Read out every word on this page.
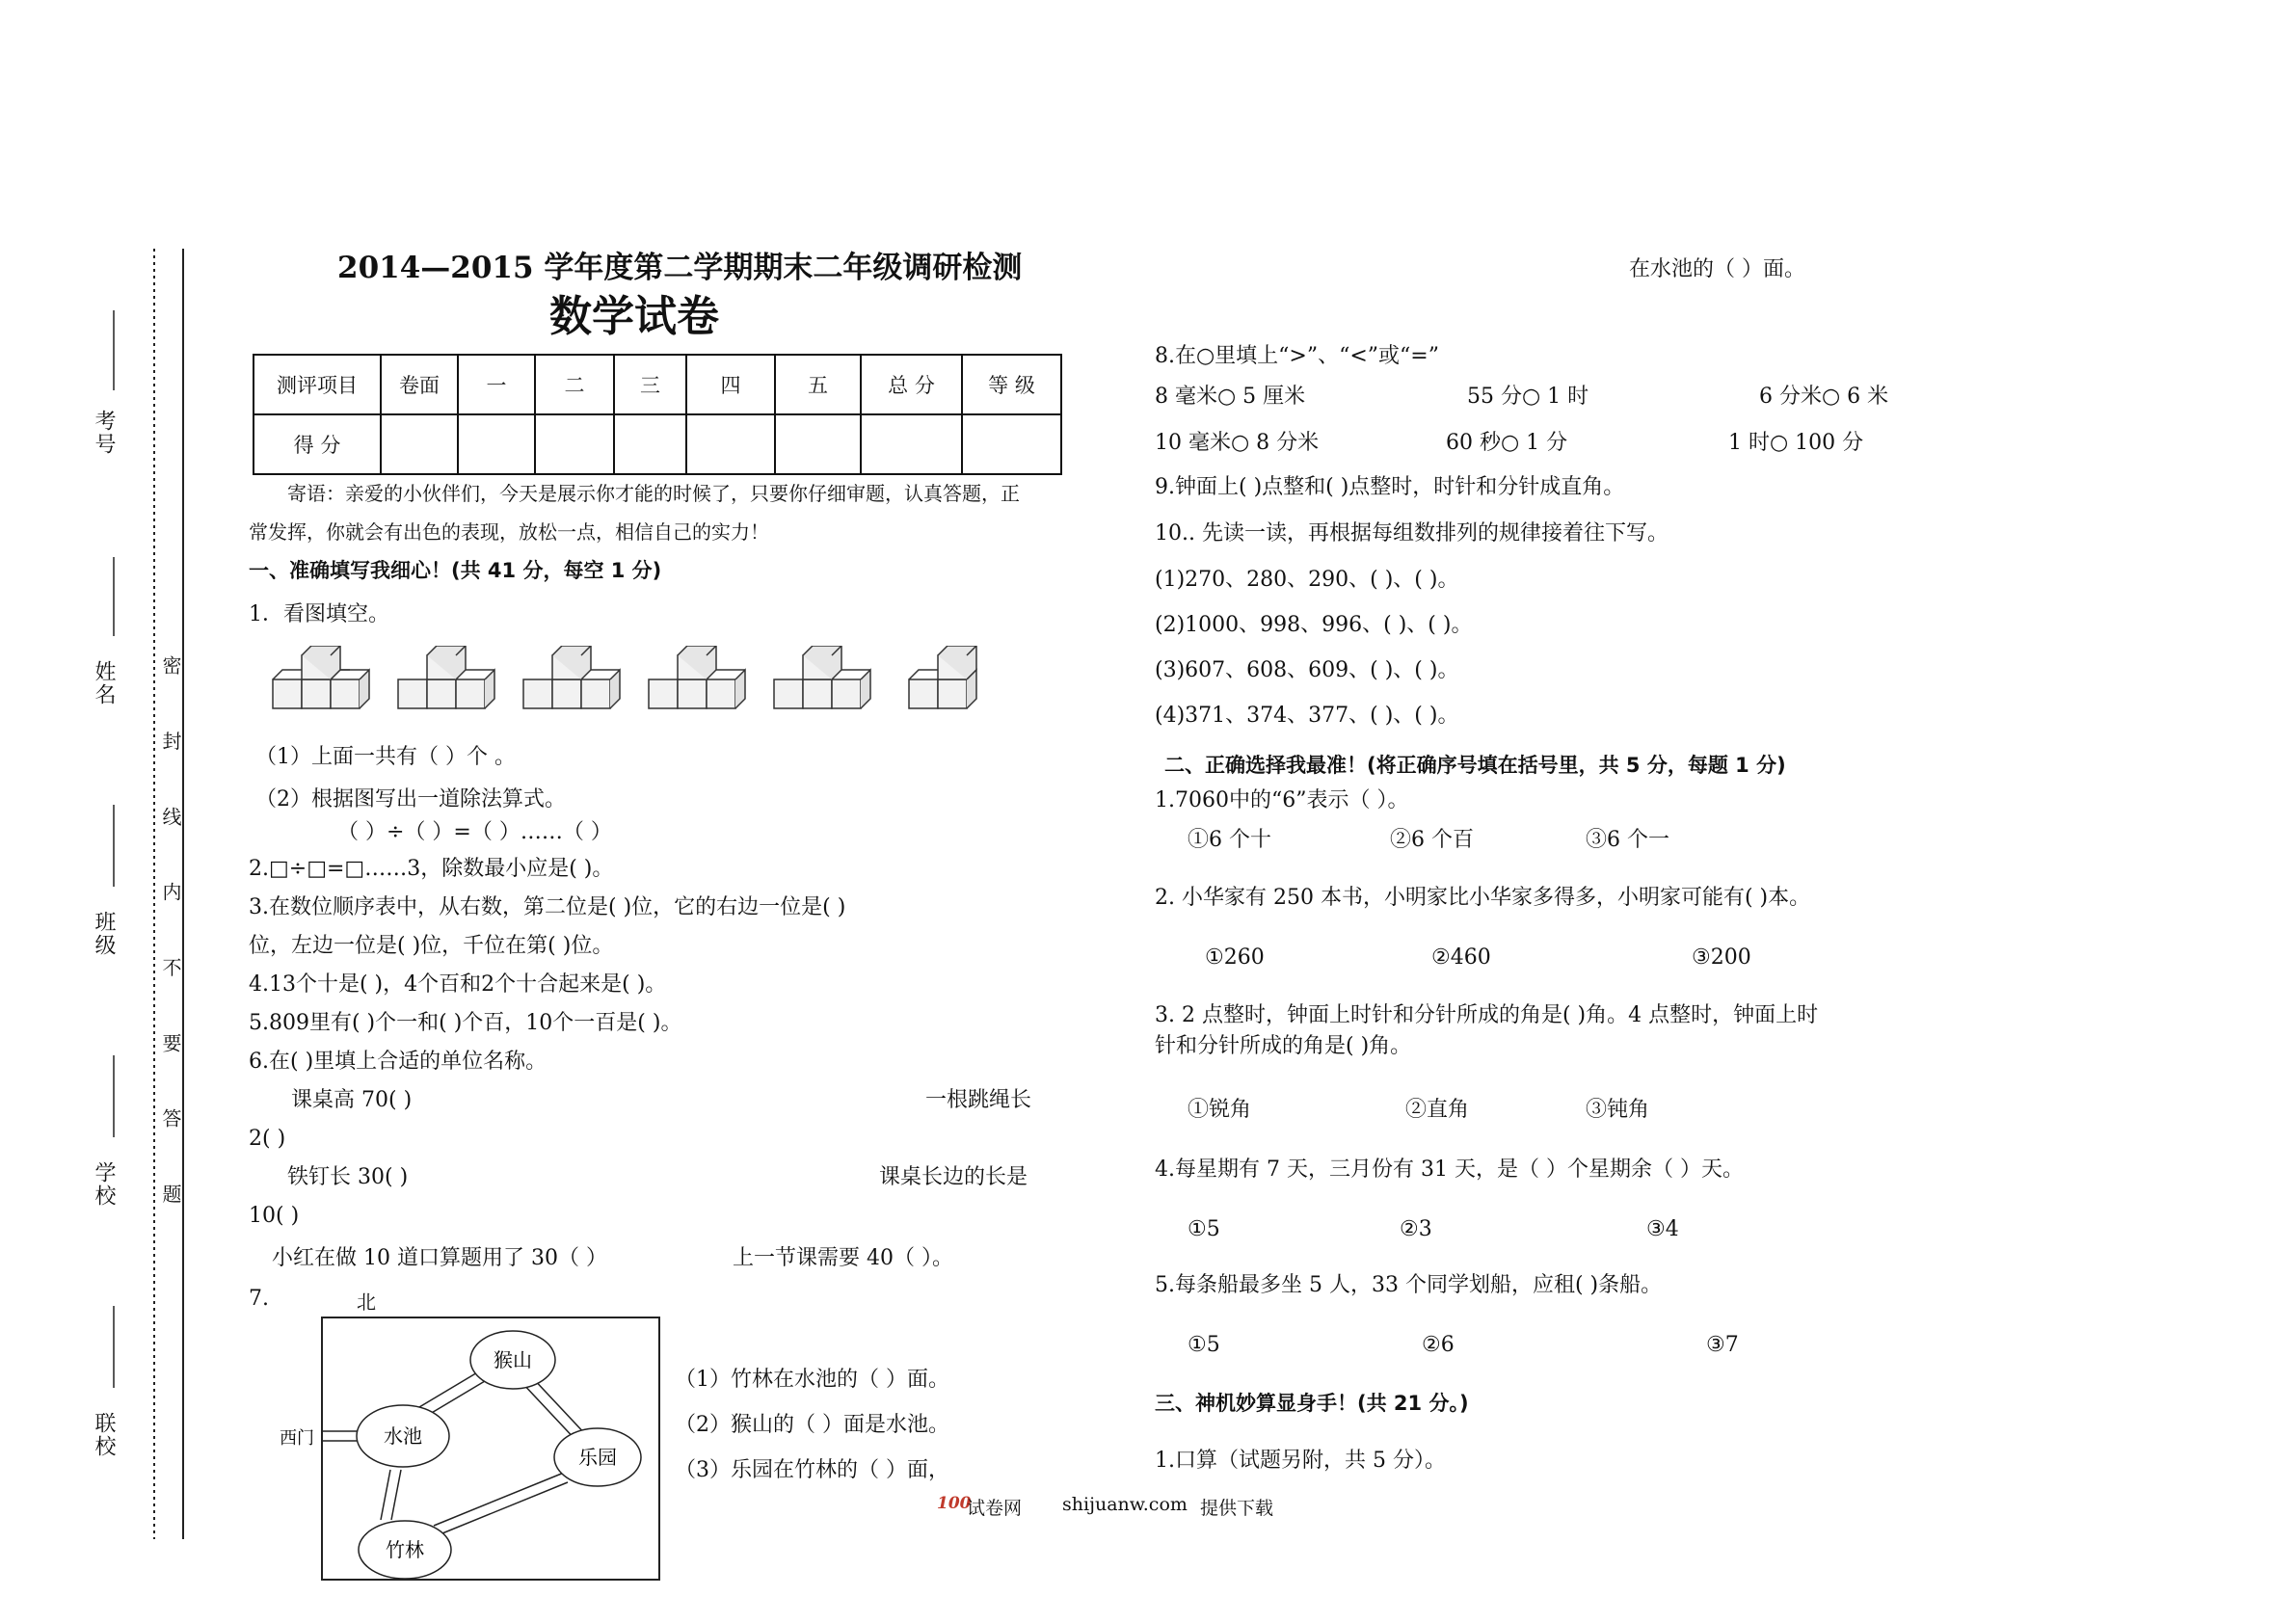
考号
姓名
班级
学校
联校
密 封 线 内 不 要 答 题
2014—2015 学年度第二学期期末二年级调研检测
数学试卷
测评项目	卷面	一	二	三	四	五	总 分	等 级
得 分								
寄语：亲爱的小伙伴们，今天是展示你才能的时候了，只要你仔细审题，认真答题，正
常发挥，你就会有出色的表现，放松一点，相信自己的实力！
一、准确填写我细心！(共 41 分，每空 1 分)
1．看图填空。
（1）上面一共有（ ）个 。
（2）根据图写出一道除法算式。
（ ）÷（ ）=（ ）……（ ）
2.□÷□=□……3，除数最小应是( )。
3.在数位顺序表中，从右数，第二位是( )位，它的右边一位是( )
位，左边一位是( )位，千位在第( )位。
4.13个十是( )，4个百和2个十合起来是( )。
5.809里有( )个一和( )个百，10个一百是( )。
6.在( )里填上合适的单位名称。
课桌高 70( )	一根跳绳长
2( )
铁钉长 30( )	课桌长边的长是
10( )
小红在做 10 道口算题用了 30（ ）	上一节课需要 40（ ）。
7.	北
猴山
水池
乐园
竹林
西门
（1）竹林在水池的（ ）面。
（2）猴山的（ ）面是水池。
（3）乐园在竹林的（ ）面，
在水池的（ ）面。
8.在○里填上“>”、“<”或“=”
8 毫米○ 5 厘米	55 分○ 1 时	6 分米○ 6 米
10 毫米○ 8 分米	60 秒○ 1 分	1 时○ 100 分
9.钟面上( )点整和( )点整时，时针和分针成直角。
10.. 先读一读，再根据每组数排列的规律接着往下写。
(1)270、280、290、( )、( )。
(2)1000、998、996、( )、( )。
(3)607、608、609、( )、( )。
(4)371、374、377、( )、( )。
二、正确选择我最准！(将正确序号填在括号里，共 5 分，每题 1 分)
1.7060中的“6”表示（ ）。
①6 个十	②6 个百	③6 个一
2. 小华家有 250 本书，小明家比小华家多得多，小明家可能有( )本。
①260	②460	③200
3. 2 点整时，钟面上时针和分针所成的角是( )角。4 点整时，钟面上时
针和分针所成的角是( )角。
①锐角	②直角	③钝角
4.每星期有 7 天，三月份有 31 天，是（ ）个星期余（ ）天。
①5	②3	③4
5.每条船最多坐 5 人，33 个同学划船，应租( )条船。
①5	②6	③7
三、神机妙算显身手！(共 21 分。)
1.口算（试题另附，共 5 分）。
100
试卷网 shijuanw.com 提供下载
